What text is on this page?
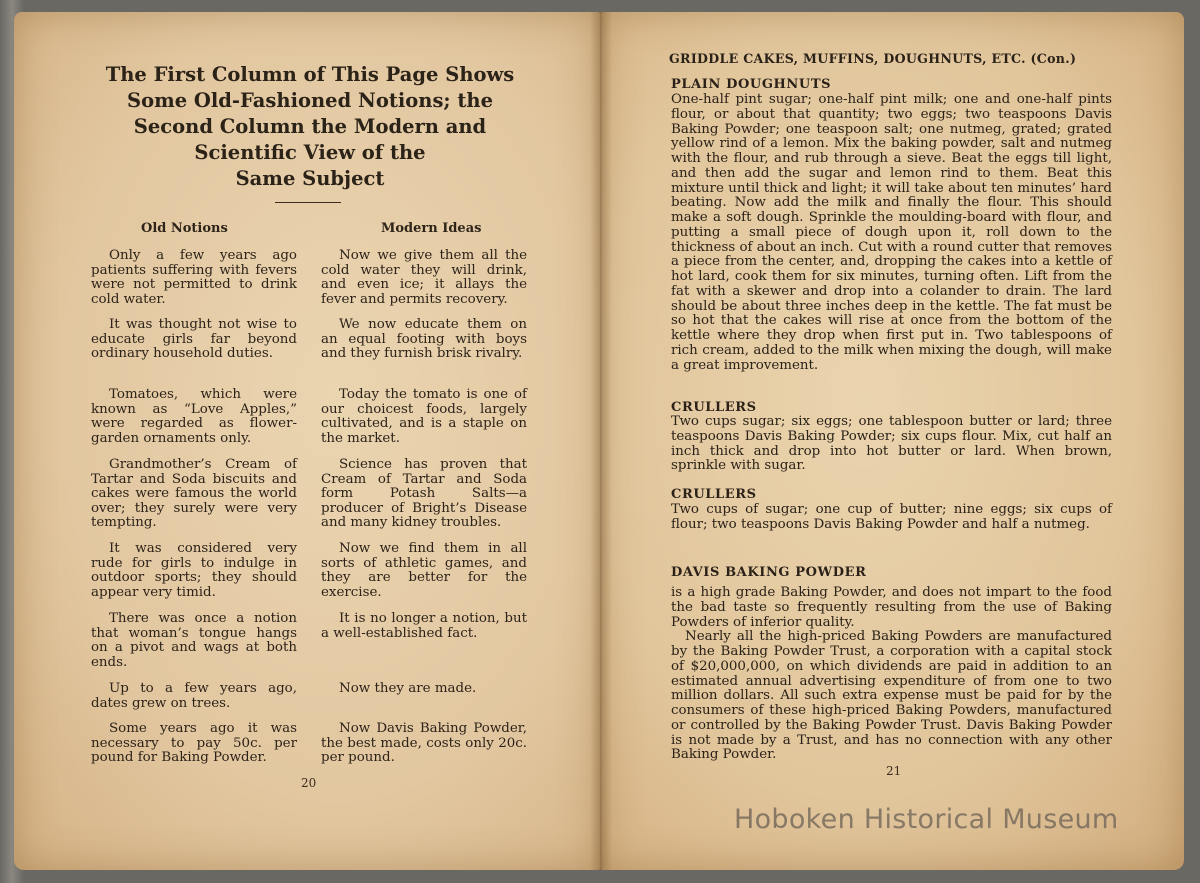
The First Column of This Page Shows
Some Old-Fashioned Notions; the
Second Column the Modern and
Scientific View of the
Same Subject
Old Notions	Modern Ideas

Only a few years ago patients suffering with fevers were not permitted to drink cold water.

It was thought not wise to educate girls far beyond ordinary household duties.

Tomatoes, which were known as “Love Apples,” were regarded as flower-garden ornaments only.

Grandmother’s Cream of Tartar and Soda biscuits and cakes were famous the world over; they surely were very tempting.

It was considered very rude for girls to indulge in outdoor sports; they should appear very timid.

There was once a notion that woman’s tongue hangs on a pivot and wags at both ends.

Up to a few years ago, dates grew on trees.

Some years ago it was necessary to pay 50c. per pound for Baking Powder.

Now we give them all the cold water they will drink, and even ice; it allays the fever and permits recovery.

We now educate them on an equal footing with boys and they furnish brisk rivalry.

Today the tomato is one of our choicest foods, largely cultivated, and is a staple on the market.

Science has proven that Cream of Tartar and Soda form Potash Salts—a producer of Bright’s Disease and many kidney troubles.

Now we find them in all sorts of athletic games, and they are better for the exercise.

It is no longer a notion, but a well-established fact.

Now they are made.

Now Davis Baking Powder, the best made, costs only 20c. per pound.

20
GRIDDLE CAKES, MUFFINS, DOUGHNUTS, ETC. (Con.)
PLAIN DOUGHNUTS

One-half pint sugar; one-half pint milk; one and one-half pints flour, or about that quantity; two eggs; two teaspoons Davis Baking Powder; one teaspoon salt; one nutmeg, grated; grated yellow rind of a lemon. Mix the baking powder, salt and nutmeg with the flour, and rub through a sieve. Beat the eggs till light, and then add the sugar and lemon rind to them. Beat this mixture until thick and light; it will take about ten minutes’ hard beating. Now add the milk and finally the flour. This should make a soft dough. Sprinkle the moulding-board with flour, and putting a small piece of dough upon it, roll down to the thickness of about an inch. Cut with a round cutter that removes a piece from the center, and, dropping the cakes into a kettle of hot lard, cook them for six minutes, turning often. Lift from the fat with a skewer and drop into a colander to drain. The lard should be about three inches deep in the kettle. The fat must be so hot that the cakes will rise at once from the bottom of the kettle where they drop when first put in. Two tablespoons of rich cream, added to the milk when mixing the dough, will make a great improvement.

CRULLERS

Two cups sugar; six eggs; one tablespoon butter or lard; three teaspoons Davis Baking Powder; six cups flour. Mix, cut half an inch thick and drop into hot butter or lard. When brown, sprinkle with sugar.

CRULLERS

Two cups of sugar; one cup of butter; nine eggs; six cups of flour; two teaspoons Davis Baking Powder and half a nutmeg.

DAVIS BAKING POWDER

is a high grade Baking Powder, and does not impart to the food the bad taste so frequently resulting from the use of Baking Powders of inferior quality.

Nearly all the high-priced Baking Powders are manufactured by the Baking Powder Trust, a corporation with a capital stock of $20,000,000, on which dividends are paid in addition to an estimated annual advertising expenditure of from one to two million dollars. All such extra expense must be paid for by the consumers of these high-priced Baking Powders, manufactured or controlled by the Baking Powder Trust. Davis Baking Powder is not made by a Trust, and has no connection with any other Baking Powder.

21
Hoboken Historical Museum
